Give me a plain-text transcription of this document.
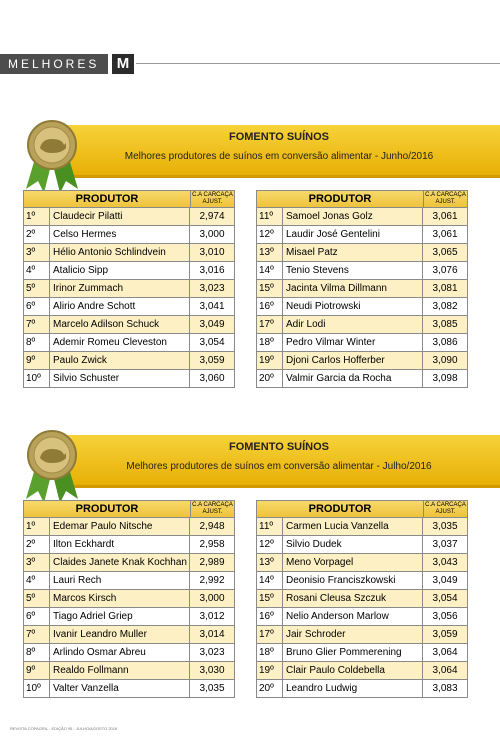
MELHORES	M
FOMENTO SUÍNOS
Melhores produtores de suínos em conversão alimentar - Junho/2016
PRODUTOR	C.A CARCAÇA
AJUST.
1º	Claudecir Pilatti	2,974
2º	Celso Hermes	3,000
3º	Hélio Antonio Schlindvein	3,010
4º	Atalicio Sipp	3,016
5º	Irinor Zummach	3,023
6º	Alirio Andre Schott	3,041
7º	Marcelo Adilson Schuck	3,049
8º	Ademir Romeu Cleveston	3,054
9º	Paulo Zwick	3,059
10º	Silvio Schuster	3,060
PRODUTOR	C.A CARCAÇA
AJUST.
11º	Samoel Jonas Golz	3,061
12º	Laudir José Gentelini	3,061
13º	Misael Patz	3,065
14º	Tenio Stevens	3,076
15º	Jacinta Vilma Dillmann	3,081
16º	Neudi Piotrowski	3,082
17º	Adir Lodi	3,085
18º	Pedro Vilmar Winter	3,086
19º	Djoni Carlos Hofferber	3,090
20º	Valmir Garcia da Rocha	3,098
FOMENTO SUÍNOS
Melhores produtores de suínos em conversão alimentar - Julho/2016
PRODUTOR	C.A CARCAÇA
AJUST.
1º	Edemar Paulo Nitsche	2,948
2º	Ilton Eckhardt	2,958
3º	Claides Janete Knak Kochhan	2,989
4º	Lauri Rech	2,992
5º	Marcos Kirsch	3,000
6º	Tiago Adriel Griep	3,012
7º	Ivanir Leandro Muller	3,014
8º	Arlindo Osmar Abreu	3,023
9º	Realdo Follmann	3,030
10º	Valter Vanzella	3,035
PRODUTOR	C.A CARCAÇA
AJUST.
11º	Carmen Lucia Vanzella	3,035
12º	Silvio Dudek	3,037
13º	Meno Vorpagel	3,043
14º	Deonisio Franciszkowski	3,049
15º	Rosani Cleusa Szczuk	3,054
16º	Nelio Anderson Marlow	3,056
17º	Jair Schroder	3,059
18º	Bruno Glier Pommerening	3,064
19º	Clair Paulo Coldebella	3,064
20º	Leandro Ludwig	3,083
REVISTA COPAGRIL - EDIÇÃO 95 - JULHO/AGOSTO 2016
